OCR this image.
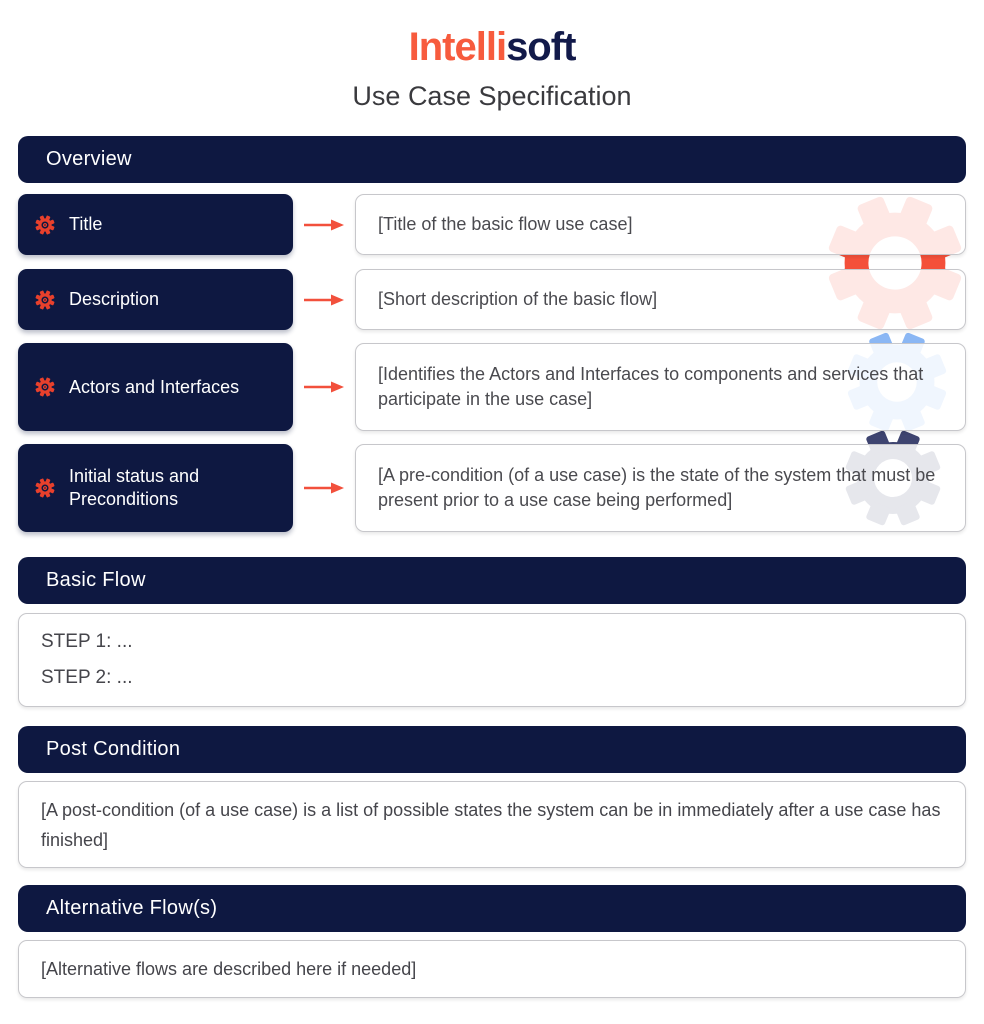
Intellisoft
Use Case Specification
Overview
Title	[Title of the basic flow use case]
Description	[Short description of the basic flow]
Actors and Interfaces
[Identifies the Actors and Interfaces to components and services that participate in the use case]
Initial status and Preconditions
[A pre-condition (of a use case) is the state of the system that must be present prior to a use case being performed]
Basic Flow
STEP 1: ...
STEP 2: ...
Post Condition
[A post-condition (of a use case) is a list of possible states the system can be in immediately after a use case has finished]
Alternative Flow(s)
[Alternative flows are described here if needed]
